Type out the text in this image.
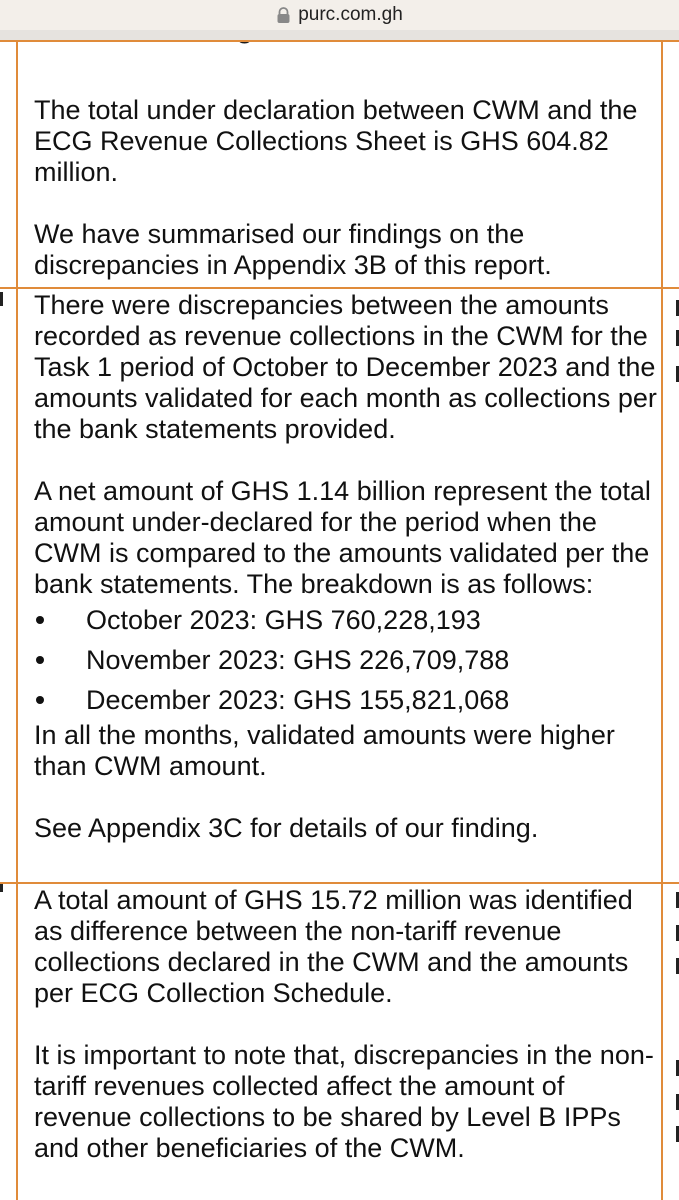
purc.com.gh

The total under declaration between CWM and the ECG Revenue Collections Sheet is GHS 604.82 million.

We have summarised our findings on the discrepancies in Appendix 3B of this report.

There were discrepancies between the amounts recorded as revenue collections in the CWM for the Task 1 period of October to December 2023 and the amounts validated for each month as collections per the bank statements provided.

A net amount of GHS 1.14 billion represent the total amount under-declared for the period when the CWM is compared to the amounts validated per the bank statements. The breakdown is as follows:

October 2023: GHS 760,228,193
November 2023: GHS 226,709,788
December 2023: GHS 155,821,068

In all the months, validated amounts were higher than CWM amount.

See Appendix 3C for details of our finding.

A total amount of GHS 15.72 million was identified as difference between the non-tariff revenue collections declared in the CWM and the amounts per ECG Collection Schedule.

It is important to note that, discrepancies in the non-tariff revenues collected affect the amount of revenue collections to be shared by Level B IPPs and other beneficiaries of the CWM.
